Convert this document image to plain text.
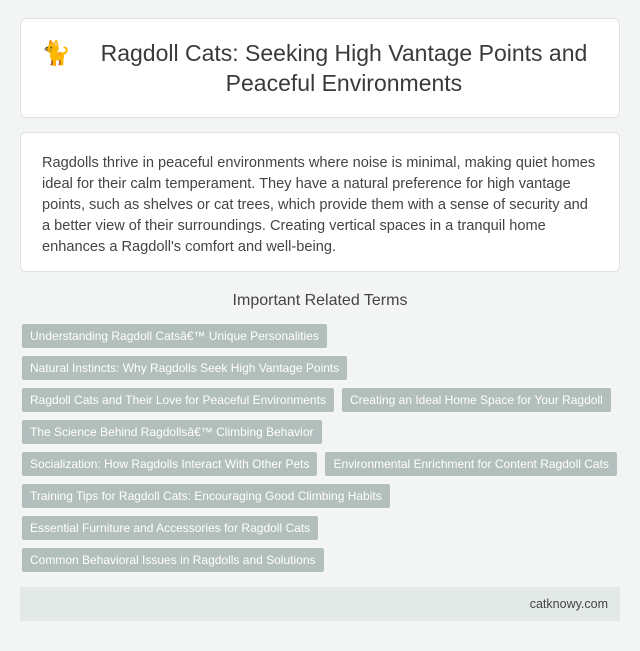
🐈	Ragdoll Cats: Seeking High Vantage Points and Peaceful Environments

Ragdolls thrive in peaceful environments where noise is minimal, making quiet homes ideal for their calm temperament. They have a natural preference for high vantage points, such as shelves or cat trees, which provide them with a sense of security and a better view of their surroundings. Creating vertical spaces in a tranquil home enhances a Ragdoll's comfort and well-being.

Important Related Terms
Understanding Ragdoll Catsâ€™ Unique Personalities
Natural Instincts: Why Ragdolls Seek High Vantage Points
Ragdoll Cats and Their Love for Peaceful Environments	Creating an Ideal Home Space for Your Ragdoll
The Science Behind Ragdollsâ€™ Climbing Behavior
Socialization: How Ragdolls Interact With Other Pets	Environmental Enrichment for Content Ragdoll Cats
Training Tips for Ragdoll Cats: Encouraging Good Climbing Habits
Essential Furniture and Accessories for Ragdoll Cats
Common Behavioral Issues in Ragdolls and Solutions
catknowy.com
